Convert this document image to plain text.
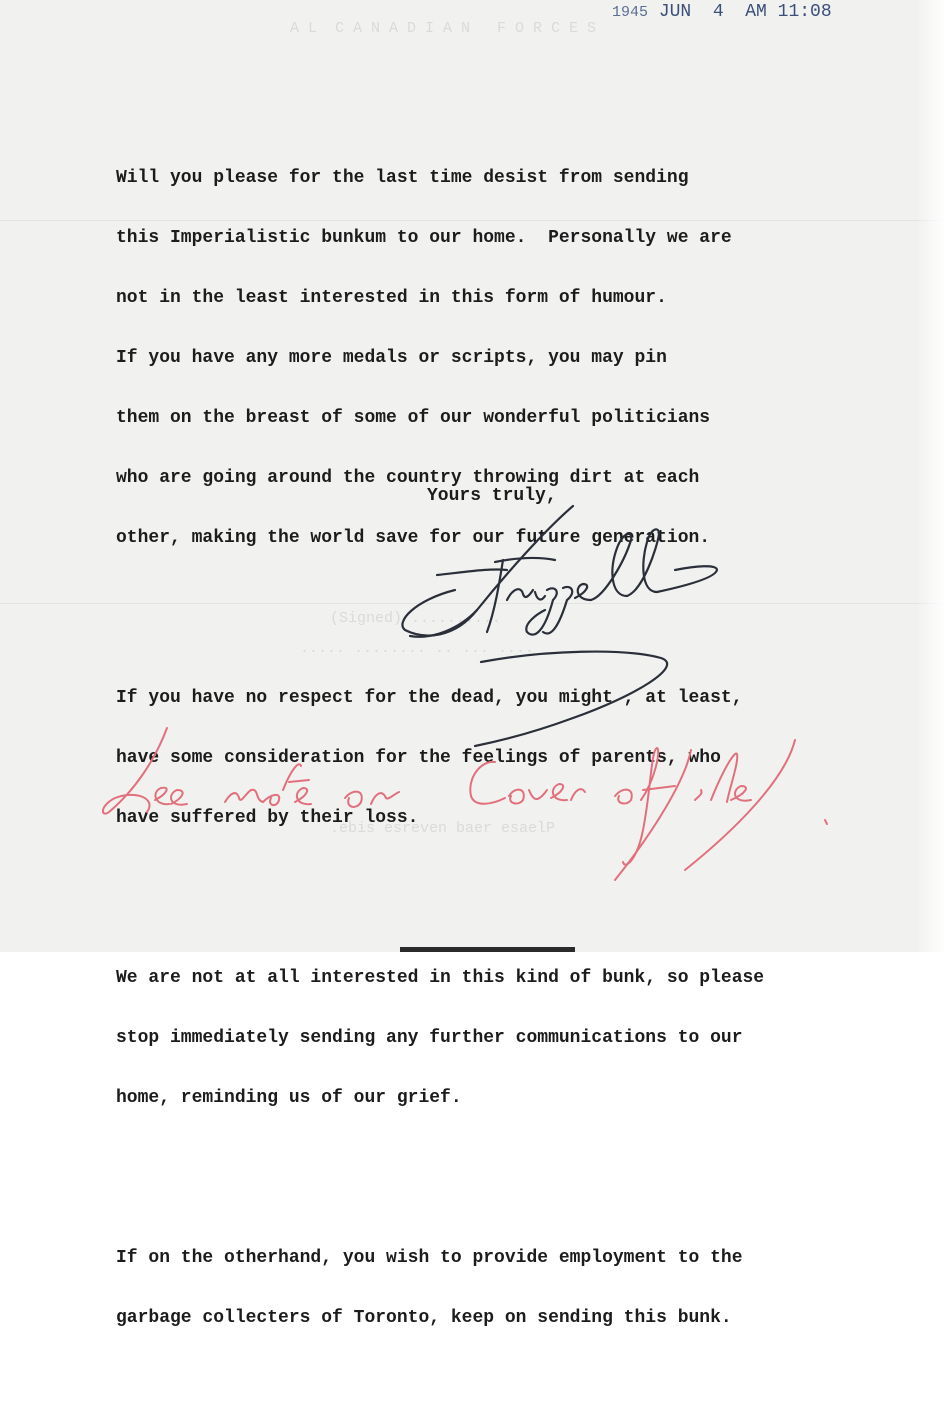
A L  C A N A D I A N   F O R C E S
(Signed) ..........
..... ........ .. ... ....
.ebis esreven baer esaelP
1945 JUN  4  AM 11:08

Will you please for the last time desist from sending

this Imperialistic bunkum to our home.  Personally we are

not in the least interested in this form of humour.

If you have any more medals or scripts, you may pin

them on the breast of some of our wonderful politicians

who are going around the country throwing dirt at each

other, making the world save for our future generation.

If you have no respect for the dead, you might , at least,

have some consideration for the feelings of parents, who

have suffered by their loss.

We are not at all interested in this kind of bunk, so please

stop immediately sending any further communications to our

home, reminding us of our grief.

If on the otherhand, you wish to provide employment to the

garbage collecters of Toronto, keep on sending this bunk.

Yours truly,
